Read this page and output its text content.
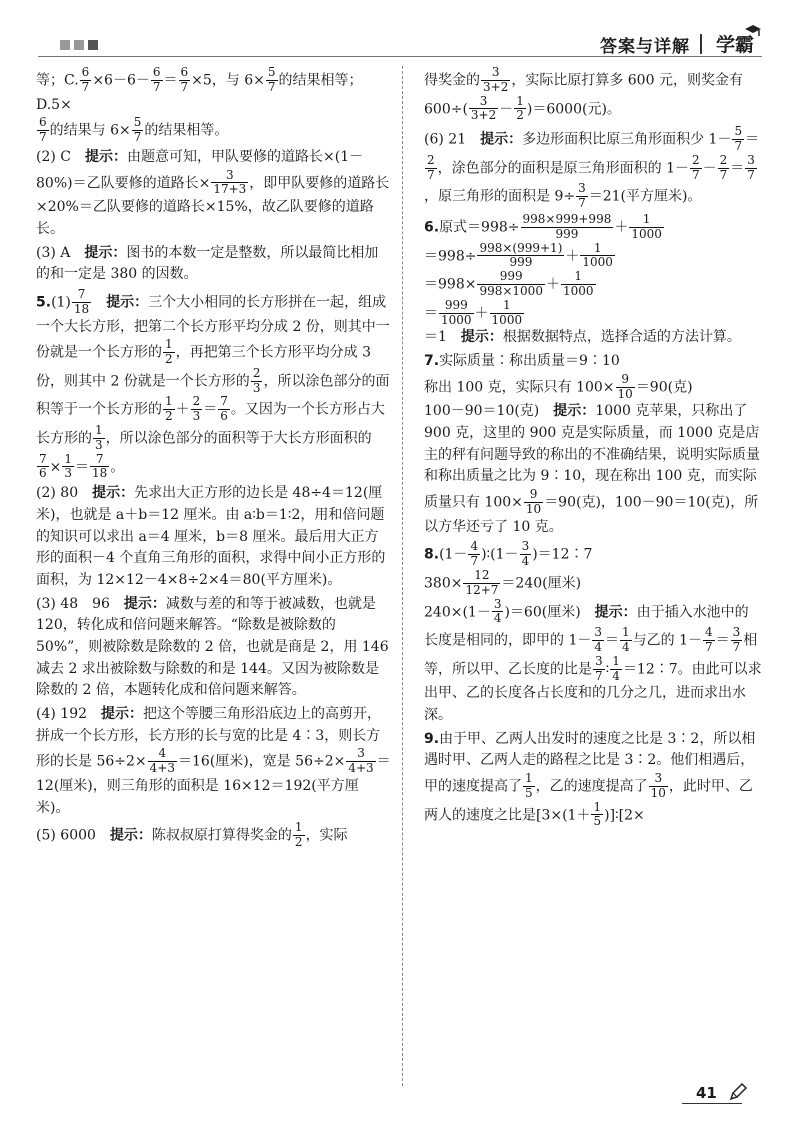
答案与详解 学霸
等；C. $\frac{6}{7} \times 6-6- \frac{6}{7} = \frac{6}{7} \times 5$，与 $6\times \frac{5}{7}$ 的结果相等；D.5×

$\frac{6}{7}$ 的结果与 $6\times \frac{5}{7}$ 的结果相等。
(2) C　提示：由题意可知，甲队要修的道路长×(1－80%)＝乙队要修的道路长× $\frac{3}{17+3}$ ，即甲队要修的道路长×20%＝乙队要修的道路长×15%，故乙队要修的道路长。
(3) A　提示：图书的本数一定是整数，所以最简比相加的和一定是 380 的因数。
$5.(1) \frac{7}{18}$
　 提示：三个大小相同的长方形拼在一起，组成一个大长方形，把第二个长方形平均分成 2 份，则其中一份就是一个长方形的 $\frac{1}{2}$ ，再把第三个长方形平均分成 3 份，则其中 2 份就是一个长方形的 $\frac{2}{3}$ ，所以涂色部分的面积等于一个长方形的 $\frac{1}{2} + \frac{2}{3} = \frac{7}{6}$ 。又因为一个长方形占大长方形的 $\frac{1}{3}$ ，所以涂色部分的面积等于大长方形面积的

$\frac{7}{6} \times \frac{1}{3} = \frac{7}{18}$ 。
(2) 80　提示：先求出大正方形的边长是 48÷4＝12(厘米)，也就是 a＋b＝12 厘米。由 a∶b＝1∶2，用和倍问题的知识可以求出 a＝4 厘米，b＝8 厘米。最后用大正方形的面积－4 个直角三角形的面积，求得中间小正方形的面积，为 12×12－4×8÷2×4＝80(平方厘米)。
(3) 48　96　提示：减数与差的和等于被减数，也就是 120，转化成和倍问题来解答。“除数是被除数的 50%”，则被除数是除数的 2 倍，也就是商是 2，用 146 减去 2 求出被除数与除数的和是 144。又因为被除数是除数的 2 倍，本题转化成和倍问题来解答。
(4) 192　提示：把这个等腰三角形沿底边上的高剪开，拼成一个长方形，长方形的长与宽的比是 4∶3，则长方形的长是 $56\div 2\times \frac{4}{4+3} =16$(厘米)，宽是 $56\div 2\times \frac{3}{4+3} =12$(厘米)，则三角形的面积是 16×12＝192(平方厘米)。
(5) 6000　提示：陈叔叔原打算得奖金的 $\frac{1}{2}$ ，实际
得奖金的 $\frac{3}{3+2}$ ，实际比原打算多 600 元，则奖金有
$600\div( \frac{3}{3+2} - \frac{1}{2} )=6000$(元)。
(6) 21　提示：多边形面积比原三角形面积少 $1- \frac{5}{7}$ ＝
$\frac{2}{7}$ ，涂色部分的面积是原三角形面积的 $1- \frac{2}{7} - \frac{2}{7} = \frac{3}{7}$
，原三角形的面积是 $9\div \frac{3}{7} =21$(平方厘米)。
6.原式$=998\div \frac{998\times 999+998}{999} + \frac{1}{1000}$

$=998\div \frac{998\times(999+1)}{999} + \frac{1}{1000}$

$=998\times \frac{999}{998\times 1000} + \frac{1}{1000}$

＝ $\frac{999}{1000} + \frac{1}{1000}$

＝1　提示：根据数据特点，选择合适的方法计算。
7.实际质量∶称出质量＝9∶10
称出 100 克，实际只有 $100\times \frac{9}{10} =90$(克)
100－90＝10(克)　提示：1000 克苹果，只称出了 900 克，这里的 900 克是实际质量，而 1000 克是店主的秤有问题导致的称出的不准确结果，说明实际质量和称出质量之比为 9∶10，现在称出 100 克，而实际质量只有 $100\times \frac{9}{10} =90$(克)，100－90＝10(克)，所以方华还亏了 10 克。
$8.(1- \frac{4}{7}$ )∶(1－ $\frac{3}{4}$ )＝12∶7
$380\times \frac{12}{12+7} =240$(厘米)
$240\times(1- \frac{3}{4} )=60$(厘米)　提示：由于插入水池中的长度是相同的，即甲的 $1- \frac{3}{4} = \frac{1}{4}$ 与乙的 $1- \frac{4}{7} = \frac{3}{7}$ 相等，所以甲、乙长度的比是 $\frac{3}{7}$ ∶ $\frac{1}{4}$ ＝12∶7。由此可以求出甲、乙的长度各占长度和的几分之几，进而求出水深。
9.由于甲、乙两人出发时的速度之比是 3∶2，所以相遇时甲、乙两人走的路程之比是 3∶2。他们相遇后，甲的速度提高了 $\frac{1}{5}$ ，乙的速度提高了 $\frac{3}{10}$ ，此时甲、乙两人的速度之比是[$3\times(1+ \frac{1}{5}$ )]∶[2×
41
